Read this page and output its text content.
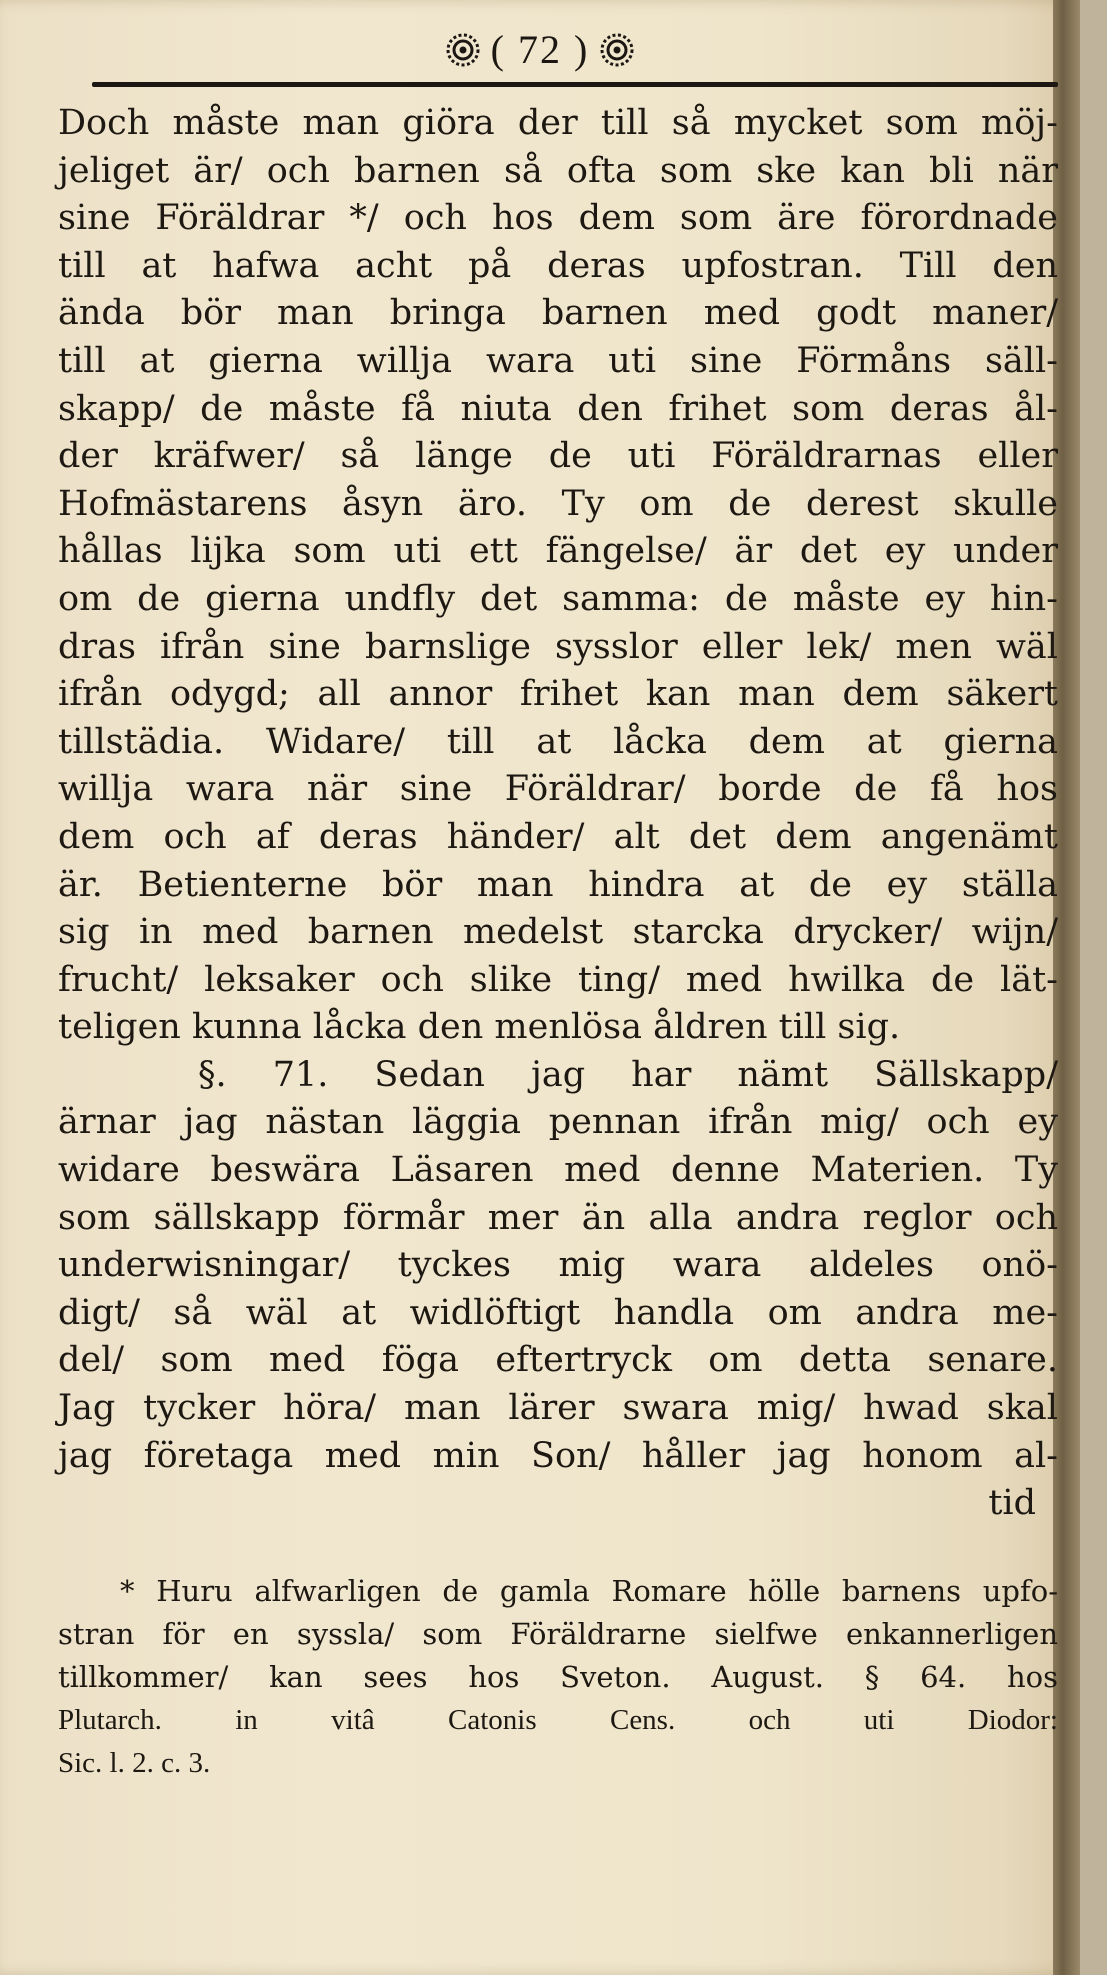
( 72 )
Doch måste man giöra der till så mycket som möj-
jeliget är/ och barnen så ofta som ske kan bli när
sine Föräldrar */ och hos dem som äre förordnade
till at hafwa acht på deras upfostran. Till den
ända bör man bringa barnen med godt maner/
till at gierna willja wara uti sine Förmåns säll-
skapp/ de måste få niuta den frihet som deras ål-
der kräfwer/ så länge de uti Föräldrarnas eller
Hofmästarens åsyn äro. Ty om de derest skulle
hållas lijka som uti ett fängelse/ är det ey under
om de gierna undfly det samma: de måste ey hin-
dras ifrån sine barnslige sysslor eller lek/ men wäl
ifrån odygd; all annor frihet kan man dem säkert
tillstädia. Widare/ till at låcka dem at gierna
willja wara när sine Föräldrar/ borde de få hos
dem och af deras händer/ alt det dem angenämt
är. Betienterne bör man hindra at de ey ställa
sig in med barnen medelst starcka drycker/ wijn/
frucht/ leksaker och slike ting/ med hwilka de lät-
teligen kunna låcka den menlösa åldren till sig.
§. 71. Sedan jag har nämt Sällskapp/
ärnar jag nästan läggia pennan ifrån mig/ och ey
widare beswära Läsaren med denne Materien. Ty
som sällskapp förmår mer än alla andra reglor och
underwisningar/ tyckes mig wara aldeles onö-
digt/ så wäl at widlöftigt handla om andra me-
del/ som med föga eftertryck om detta senare.
Jag tycker höra/ man lärer swara mig/ hwad skal
jag företaga med min Son/ håller jag honom al-
tid
* Huru alfwarligen de gamla Romare hölle barnens upfo-
stran för en syssla/ som Föräldrarne sielfwe enkannerligen
tillkommer/ kan sees hos Sveton. August. § 64. hos
Plutarch. in vitâ Catonis Cens. och uti Diodor:
Sic. l. 2. c. 3.
